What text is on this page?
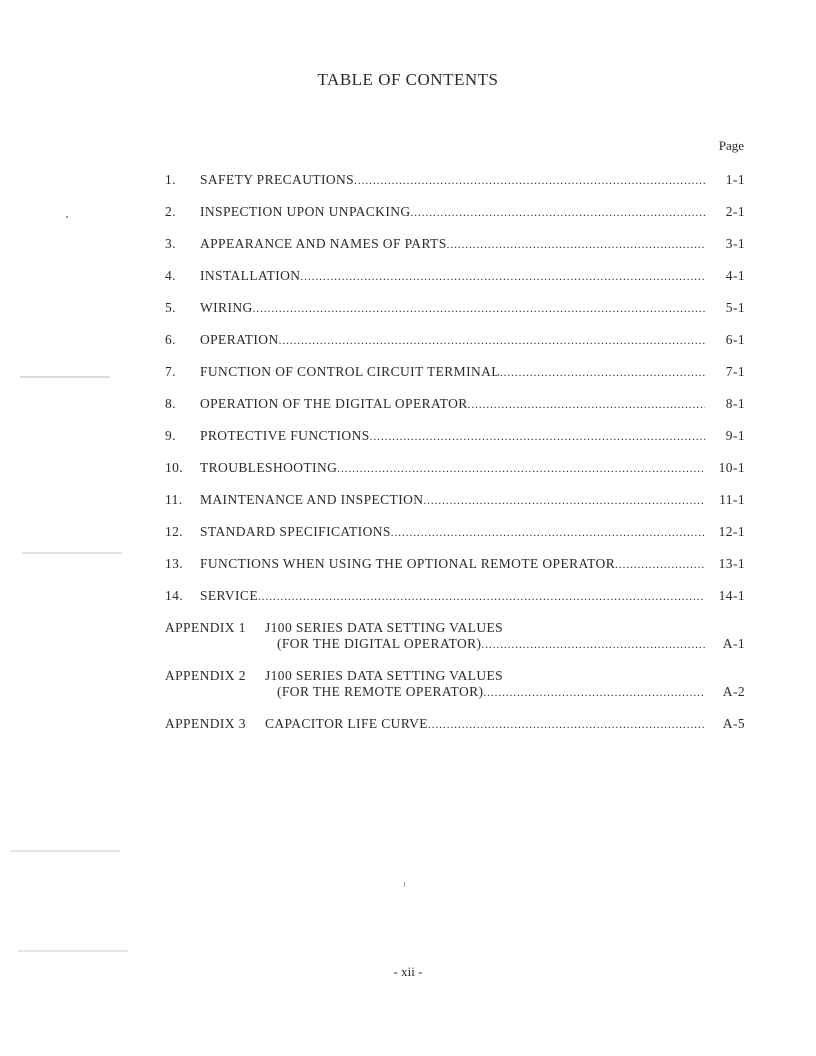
TABLE OF CONTENTS
Page
1.	SAFETY PRECAUTIONS .....	1-1
2.	INSPECTION UPON UNPACKING .....	2-1
3.	APPEARANCE AND NAMES OF PARTS .....	3-1
4.	INSTALLATION .....	4-1
5.	WIRING .....	5-1
6.	OPERATION .....	6-1
7.	FUNCTION OF CONTROL CIRCUIT TERMINAL .....	7-1
8.	OPERATION OF THE DIGITAL OPERATOR .....	8-1
9.	PROTECTIVE FUNCTIONS .....	9-1
10.	TROUBLESHOOTING .....	10-1
11.	MAINTENANCE AND INSPECTION .....	11-1
12.	STANDARD SPECIFICATIONS .....	12-1
13.	FUNCTIONS WHEN USING THE OPTIONAL REMOTE OPERATOR .....	13-1
14.	SERVICE .....	14-1
APPENDIX 1 J100 SERIES DATA SETTING VALUES
(FOR THE DIGITAL OPERATOR) .....	A-1
APPENDIX 2 J100 SERIES DATA SETTING VALUES
(FOR THE REMOTE OPERATOR) .....	A-2
APPENDIX 3 CAPACITOR LIFE CURVE .....	A-5
- xii -
